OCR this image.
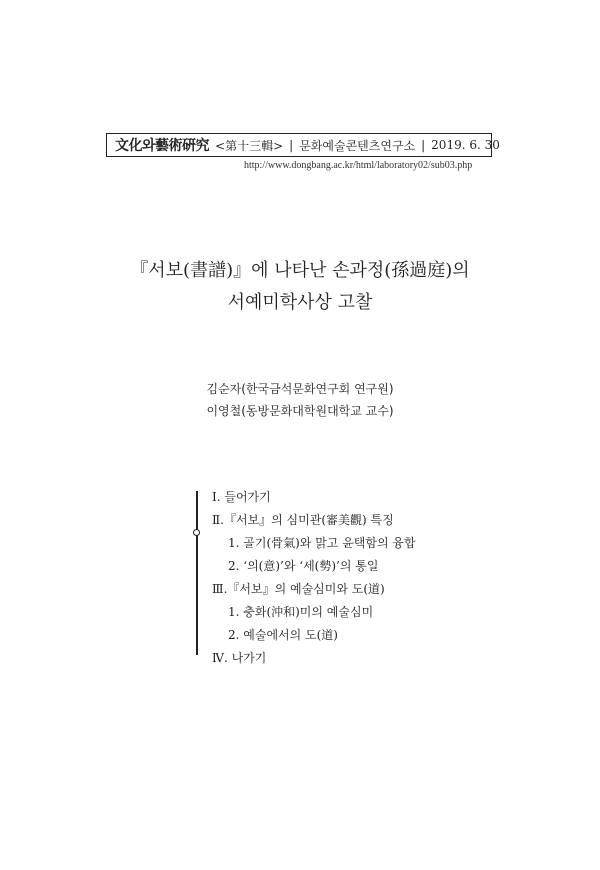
文化와藝術硏究 <第十三輯> | 문화예술콘텐츠연구소 | 2019. 6. 30
http://www.dongbang.ac.kr/html/laboratory02/sub03.php
『서보(書譜)』에 나타난 손과정(孫過庭)의
서예미학사상 고찰
김순자(한국금석문화연구회 연구원)
이영철(동방문화대학원대학교 교수)
Ⅰ. 들어가기
Ⅱ.『서보』의 심미관(審美觀) 특징
1. 골기(骨氣)와 맑고 윤택함의 융합
2. ‘의(意)’와 ‘세(勢)’의 통일
Ⅲ.『서보』의 예술심미와 도(道)
1. 충화(沖和)미의 예술심미
2. 예술에서의 도(道)
Ⅳ. 나가기
